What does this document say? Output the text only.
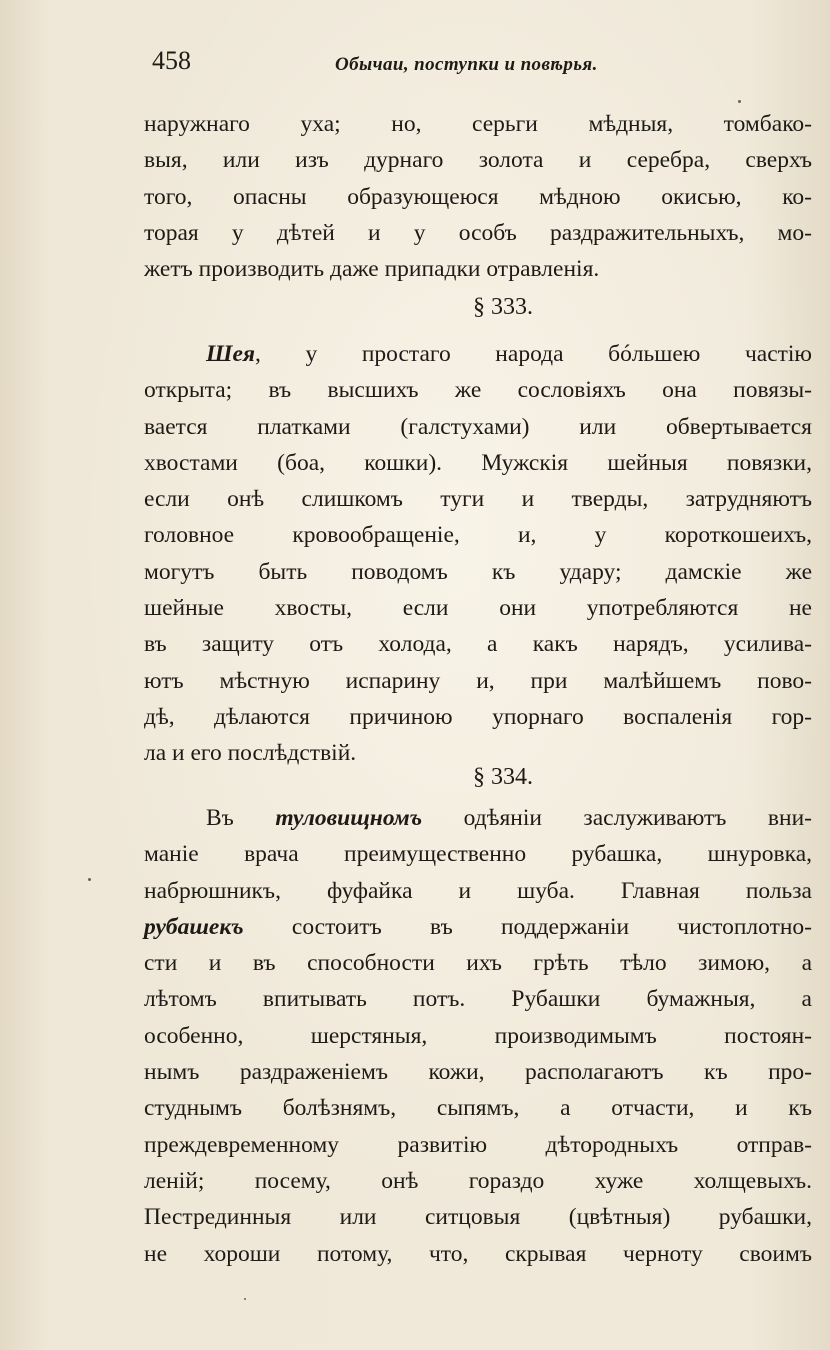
458	Обычаи, поступки и повѣрья.
наружнаго уха; но, серьги мѣдныя, томбако-
выя, или изъ дурнаго золота и серебра, сверхъ
того, опасны образующеюся мѣдною окисью, ко-
торая у дѣтей и у особъ раздражительныхъ, мо-
жетъ производить даже припадки отравленія.
§ 333.
Шея, у простаго народа бóльшею частію
открыта; въ высшихъ же сословіяхъ она повязы-
вается платками (галстухами) или обвертывается
хвостами (боа, кошки). Мужскія шейныя повязки,
если онѣ слишкомъ туги и тверды, затрудняютъ
головное кровообращеніе, и, у короткошеихъ,
могутъ быть поводомъ къ удару; дамскіе же
шейные хвосты, если они употребляются не
въ защиту отъ холода, а какъ нарядъ, усилива-
ютъ мѣстную испарину и, при малѣйшемъ пово-
дѣ, дѣлаются причиною упорнаго воспаленія гор-
ла и его послѣдствій.
§ 334.
Въ туловищномъ одѣяніи заслуживаютъ вни-
маніе врача преимущественно рубашка, шнуровка,
набрюшникъ, фуфайка и шуба. Главная польза
рубашекъ состоитъ въ поддержаніи чистоплотно-
сти и въ способности ихъ грѣть тѣло зимою, а
лѣтомъ впитывать потъ. Рубашки бумажныя, а
особенно, шерстяныя, производимымъ постоян-
нымъ раздраженіемъ кожи, располагаютъ къ про-
студнымъ болѣзнямъ, сыпямъ, а отчасти, и къ
преждевременному развитію дѣтородныхъ отправ-
леній; посему, онѣ гораздо хуже холщевыхъ.
Пестрединныя или ситцовыя (цвѣтныя) рубашки,
не хороши потому, что, скрывая черноту своимъ
